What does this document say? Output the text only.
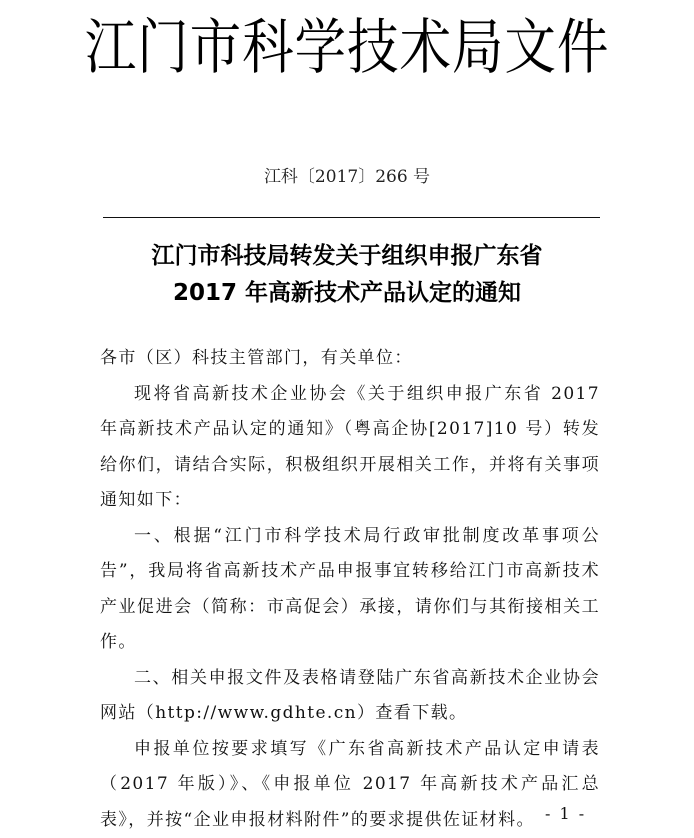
江门市科学技术局文件
江科〔2017〕266 号
江门市科技局转发关于组织申报广东省
2017 年高新技术产品认定的通知

各市（区）科技主管部门，有关单位：

现将省高新技术企业协会《关于组织申报广东省 2017 年高新技术产品认定的通知》（粤高企协[2017]10 号）转发给你们，请结合实际，积极组织开展相关工作，并将有关事项通知如下：

一、根据“江门市科学技术局行政审批制度改革事项公告”，我局将省高新技术产品申报事宜转移给江门市高新技术产业促进会（简称：市高促会）承接，请你们与其衔接相关工作。

二、相关申报文件及表格请登陆广东省高新技术企业协会网站（http://www.gdhte.cn）查看下载。

申报单位按要求填写《广东省高新技术产品认定申请表（2017 年版）》、《申报单位 2017 年高新技术产品汇总表》，并按“企业申报材料附件”的要求提供佐证材料。 - 1 -
